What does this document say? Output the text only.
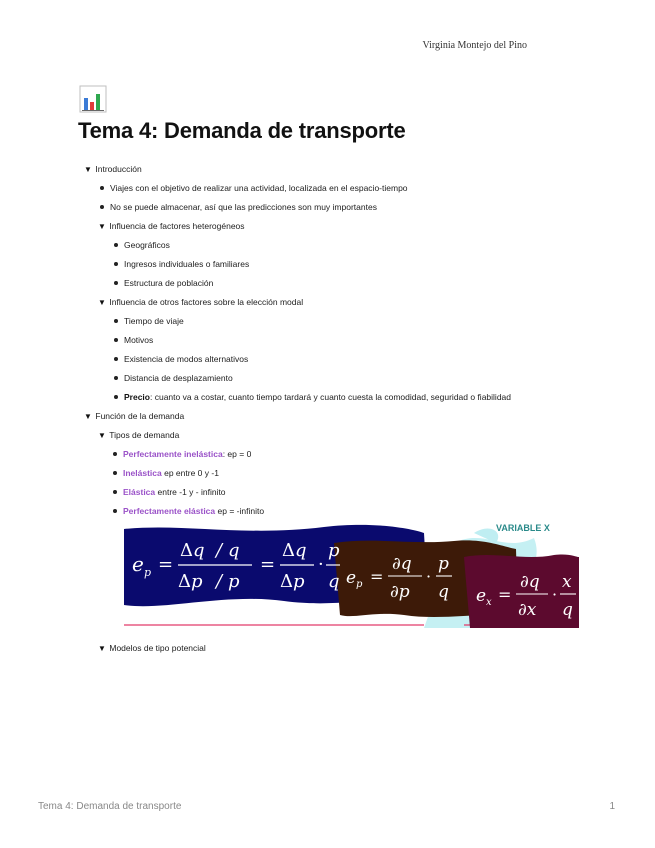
Virginia Montejo del Pino
Tema 4: Demanda de transporte
▼ Introducción
Viajes con el objetivo de realizar una actividad, localizada en el espacio-tiempo
No se puede almacenar, así que las predicciones son muy importantes
▼ Influencia de factores heterogéneos
Geográficos
Ingresos individuales o familiares
Estructura de población
▼ Influencia de otros factores sobre la elección modal
Tiempo de viaje
Motivos
Existencia de modos alternativos
Distancia de desplazamiento
Precio: cuanto va a costar, cuanto tiempo tardará y cuanto cuesta la comodidad, seguridad o fiabilidad
▼ Función de la demanda
▼ Tipos de demanda
Perfectamente inelástica: ep = 0
Inelástica ep entre 0 y -1
Elástica entre -1 y - infinito
Perfectamente elástica ep = -infinito
VARIABLE X
e p =
Δq / q
Δp / p
=
Δq
Δp
·
p
q e p =
∂q
∂p
·
p
q e x =
∂q
∂x
·
x
q
▼ Modelos de tipo potencial
Tema 4: Demanda de transporte	1
